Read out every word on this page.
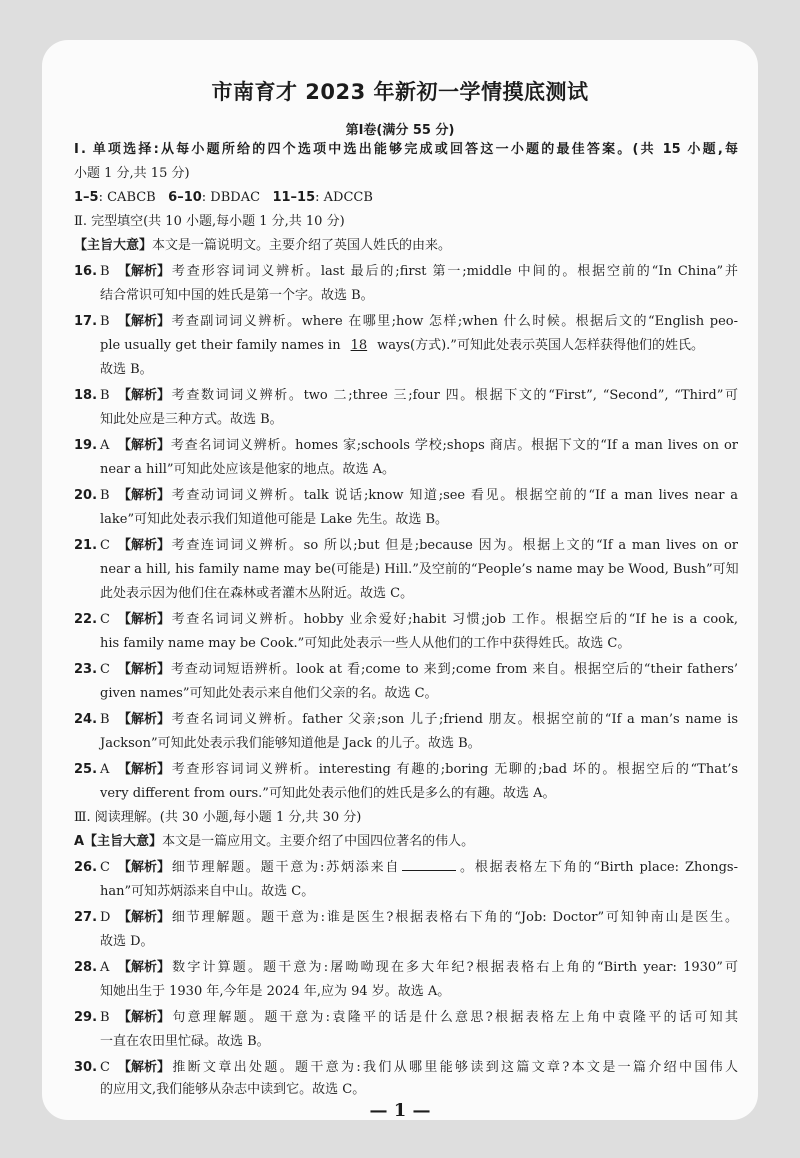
市南育才 2023 年新初一学情摸底测试
第Ⅰ卷(满分 55 分)
Ⅰ. 单项选择:从每小题所给的四个选项中选出能够完成或回答这一小题的最佳答案。(共 15 小题,每
小题 1 分,共 15 分)
1–5: CABCB 6–10: DBDAC 11–15: ADCCB
Ⅱ. 完型填空(共 10 小题,每小题 1 分,共 10 分)
【主旨大意】本文是一篇说明文。主要介绍了英国人姓氏的由来。
16. B 【解析】考查形容词词义辨析。last 最后的;first 第一;middle 中间的。根据空前的“In China”并
结合常识可知中国的姓氏是第一个字。故选 B。
17. B 【解析】考查副词词义辨析。where 在哪里;how 怎样;when 什么时候。根据后文的“English peo-
ple usually get their family names in 18 ways(方式).”可知此处表示英国人怎样获得他们的姓氏。
故选 B。
18. B 【解析】考查数词词义辨析。two 二;three 三;four 四。根据下文的“First”, “Second”, “Third”可
知此处应是三种方式。故选 B。
19. A 【解析】考查名词词义辨析。homes 家;schools 学校;shops 商店。根据下文的“If a man lives on or
near a hill”可知此处应该是他家的地点。故选 A。
20. B 【解析】考查动词词义辨析。talk 说话;know 知道;see 看见。根据空前的“If a man lives near a
lake”可知此处表示我们知道他可能是 Lake 先生。故选 B。
21. C 【解析】考查连词词义辨析。so 所以;but 但是;because 因为。根据上文的“If a man lives on or
near a hill, his family name may be(可能是) Hill.”及空前的“People’s name may be Wood, Bush”可知
此处表示因为他们住在森林或者灌木丛附近。故选 C。
22. C 【解析】考查名词词义辨析。hobby 业余爱好;habit 习惯;job 工作。根据空后的“If he is a cook,
his family name may be Cook.”可知此处表示一些人从他们的工作中获得姓氏。故选 C。
23. C 【解析】考查动词短语辨析。look at 看;come to 来到;come from 来自。根据空后的“their fathers’
given names”可知此处表示来自他们父亲的名。故选 C。
24. B 【解析】考查名词词义辨析。father 父亲;son 儿子;friend 朋友。根据空前的“If a man’s name is
Jackson”可知此处表示我们能够知道他是 Jack 的儿子。故选 B。
25. A 【解析】考查形容词词义辨析。interesting 有趣的;boring 无聊的;bad 坏的。根据空后的“That’s
very different from ours.”可知此处表示他们的姓氏是多么的有趣。故选 A。
Ⅲ. 阅读理解。(共 30 小题,每小题 1 分,共 30 分)
A【主旨大意】本文是一篇应用文。主要介绍了中国四位著名的伟人。
26. C 【解析】细节理解题。题干意为:苏炳添来自	。根据表格左下角的“Birth place: Zhongs-
han”可知苏炳添来自中山。故选 C。
27. D 【解析】细节理解题。题干意为:谁是医生?根据表格右下角的“Job: Doctor”可知钟南山是医生。
故选 D。
28. A 【解析】数字计算题。题干意为:屠呦呦现在多大年纪?根据表格右上角的“Birth year: 1930”可
知她出生于 1930 年,今年是 2024 年,应为 94 岁。故选 A。
29. B 【解析】句意理解题。题干意为:袁隆平的话是什么意思?根据表格左上角中袁隆平的话可知其
一直在农田里忙碌。故选 B。
30. C 【解析】推断文章出处题。题干意为:我们从哪里能够读到这篇文章?本文是一篇介绍中国伟人
的应用文,我们能够从杂志中读到它。故选 C。
— 1 —
